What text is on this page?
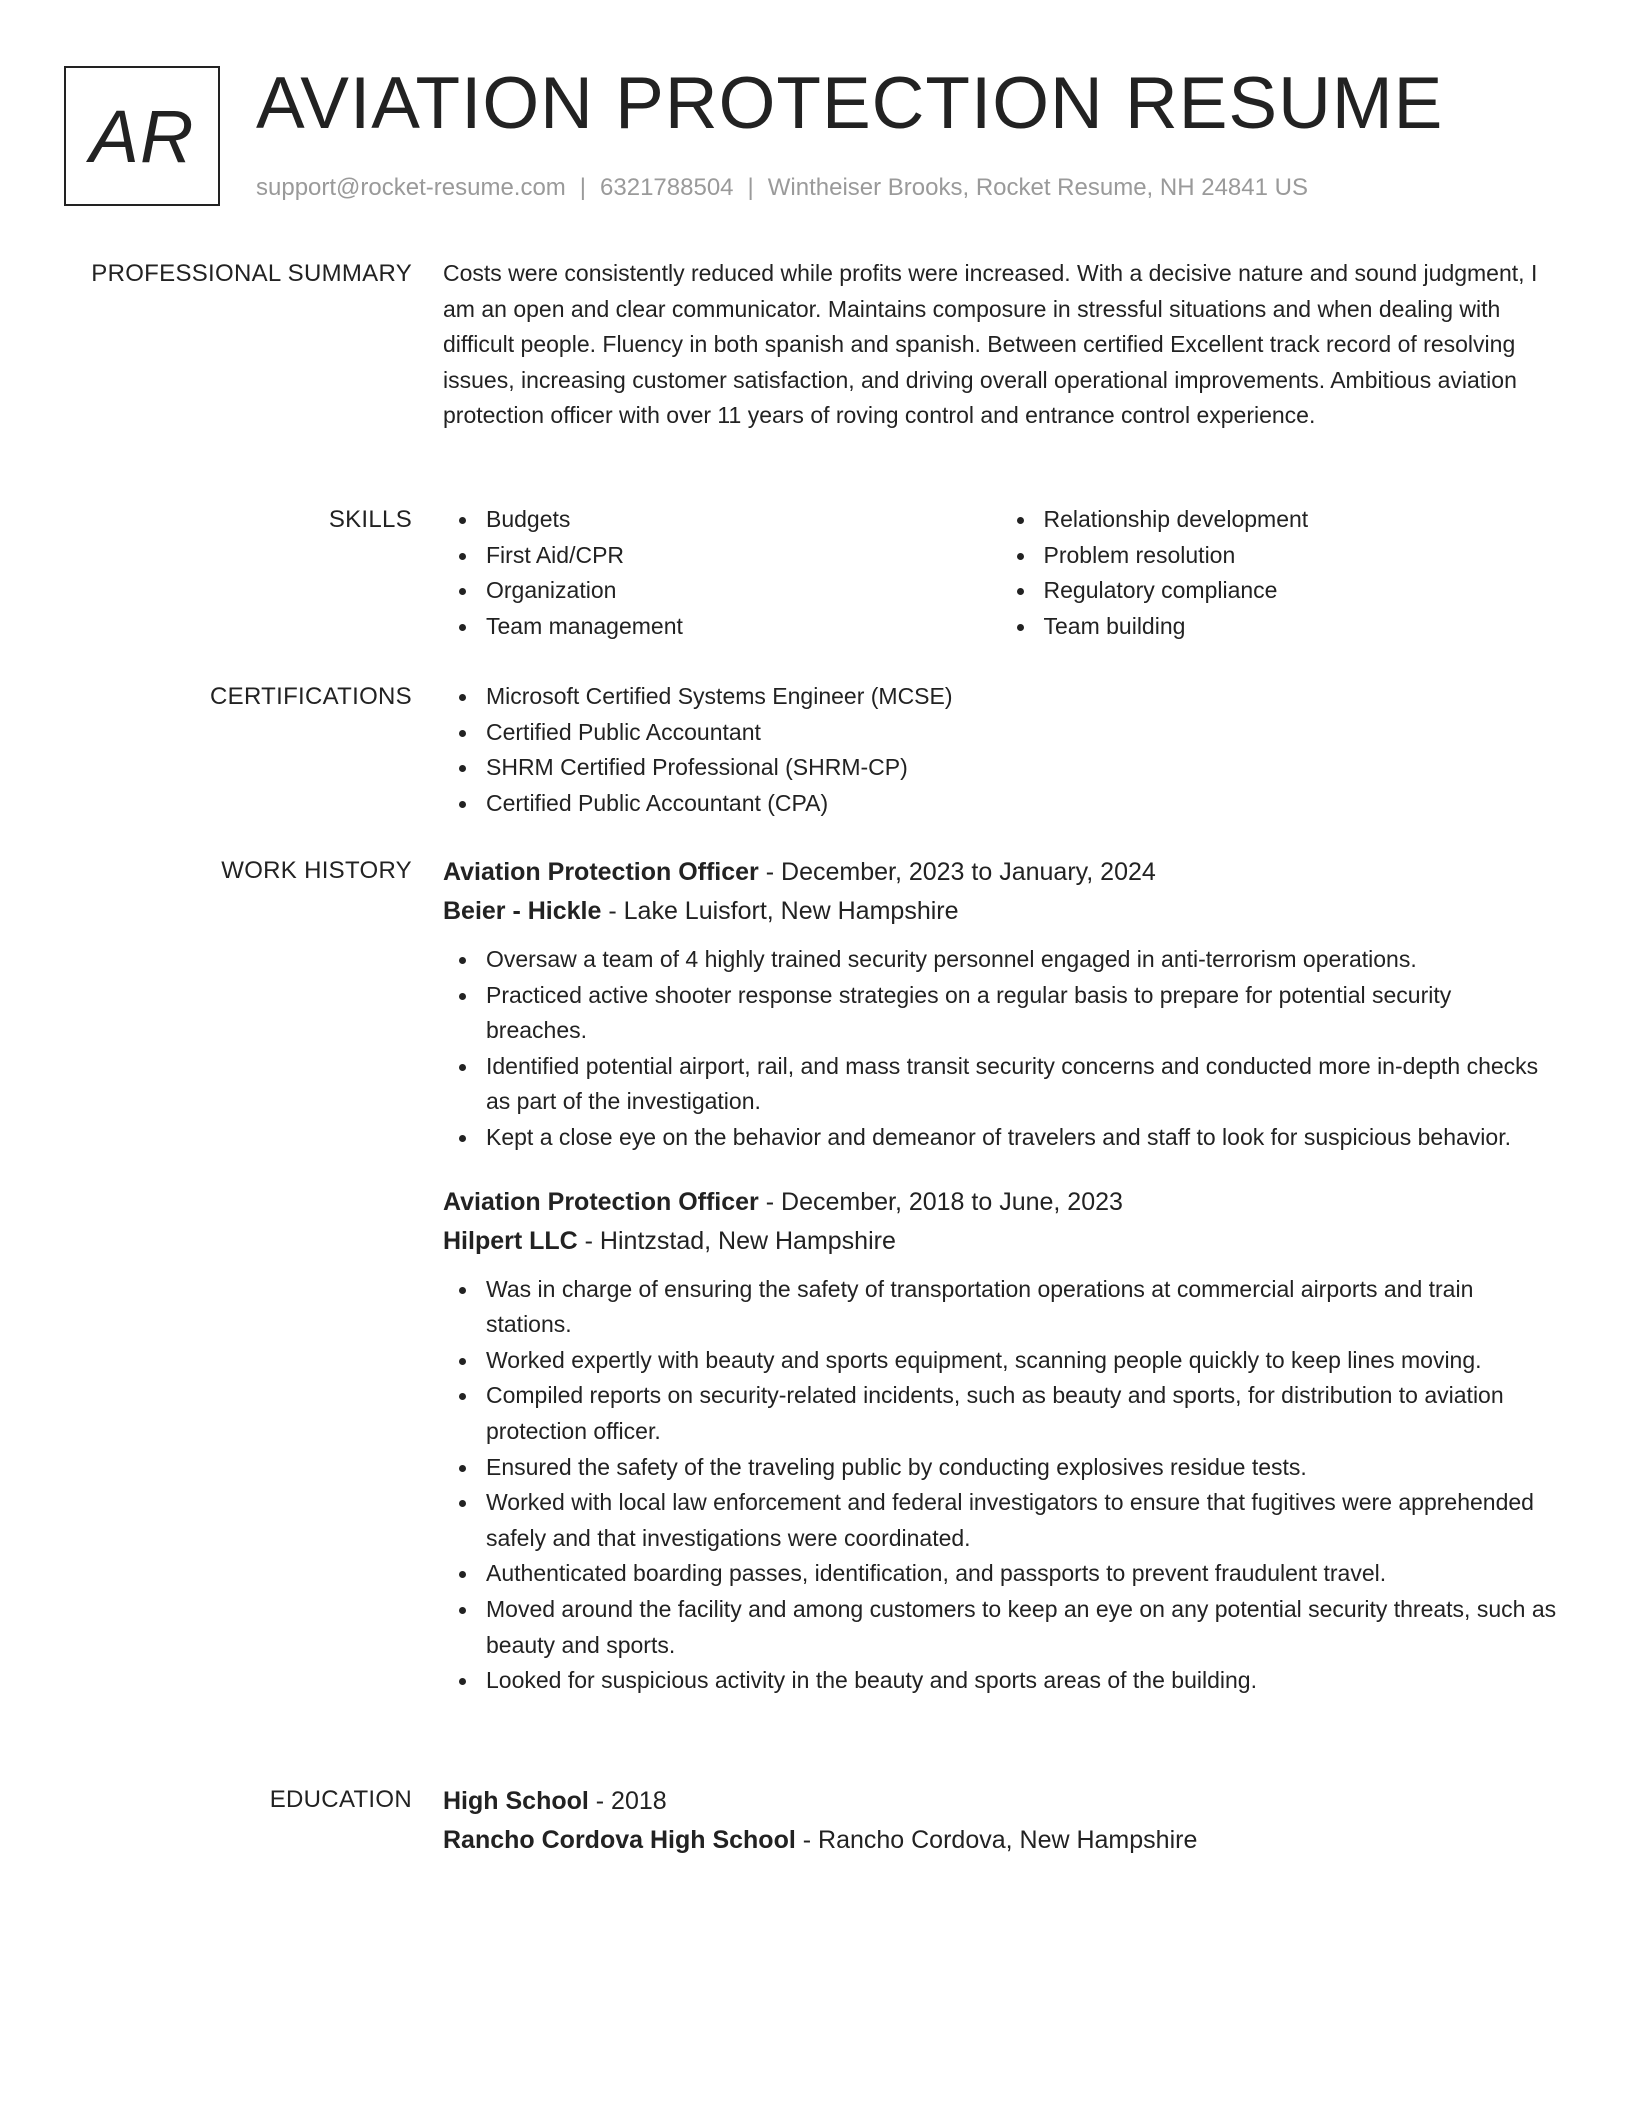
AR AVIATION PROTECTION RESUME
support@rocket-resume.com | 6321788504 | Wintheiser Brooks, Rocket Resume, NH 24841 US
PROFESSIONAL SUMMARY Costs were consistently reduced while profits were increased. With a decisive nature and sound judgment, I am an open and clear communicator. Maintains composure in stressful situations and when dealing with difficult people. Fluency in both spanish and spanish. Between certified Excellent track record of resolving issues, increasing customer satisfaction, and driving overall operational improvements. Ambitious aviation protection officer with over 11 years of roving control and entrance control experience.

SKILLS	Budgets
First Aid/CPR
Organization
Team management
Relationship development
Problem resolution
Regulatory compliance
Team building
CERTIFICATIONS	Microsoft Certified Systems Engineer (MCSE)
Certified Public Accountant
SHRM Certified Professional (SHRM-CP)
Certified Public Accountant (CPA)
WORK HISTORY Aviation Protection Officer - December, 2023 to January, 2024
Beier - Hickle - Lake Luisfort, New Hampshire
Oversaw a team of 4 highly trained security personnel engaged in anti-terrorism operations.
Practiced active shooter response strategies on a regular basis to prepare for potential security breaches.
Identified potential airport, rail, and mass transit security concerns and conducted more in-depth checks as part of the investigation.
Kept a close eye on the behavior and demeanor of travelers and staff to look for suspicious behavior.
Aviation Protection Officer - December, 2018 to June, 2023
Hilpert LLC - Hintzstad, New Hampshire
Was in charge of ensuring the safety of transportation operations at commercial airports and train stations.
Worked expertly with beauty and sports equipment, scanning people quickly to keep lines moving.
Compiled reports on security-related incidents, such as beauty and sports, for distribution to aviation protection officer.
Ensured the safety of the traveling public by conducting explosives residue tests.
Worked with local law enforcement and federal investigators to ensure that fugitives were apprehended safely and that investigations were coordinated.
Authenticated boarding passes, identification, and passports to prevent fraudulent travel.
Moved around the facility and among customers to keep an eye on any potential security threats, such as beauty and sports.
Looked for suspicious activity in the beauty and sports areas of the building.
EDUCATION High School - 2018
Rancho Cordova High School - Rancho Cordova, New Hampshire
